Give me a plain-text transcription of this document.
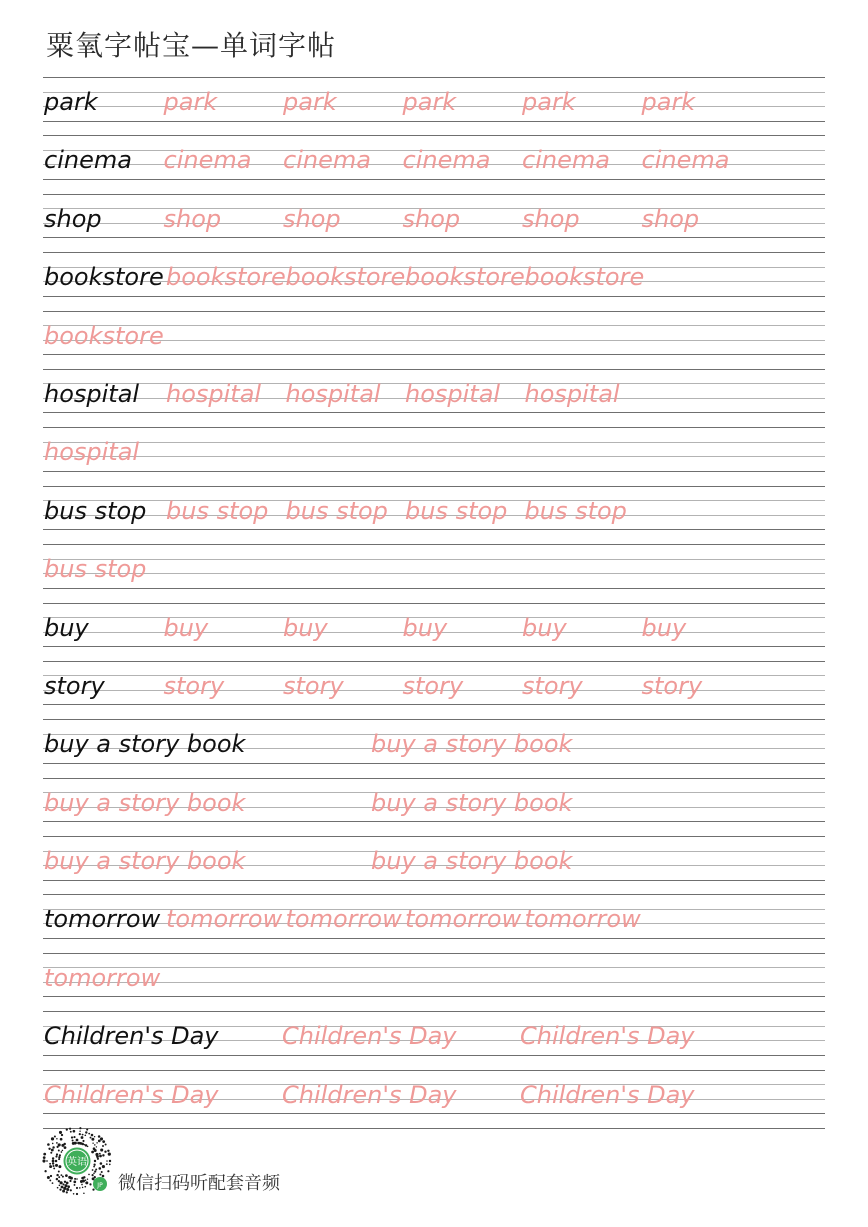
粟氧字帖宝—单词字帖
park	park	park	park	park	park
cinema cinema cinema cinema cinema cinema
shop	shop	shop	shop	shop	shop
bookstore bookstore bookstore bookstore bookstore
bookstore
hospital hospital hospital hospital hospital
hospital
bus stop bus stop bus stop bus stop bus stop
bus stop
buy	buy	buy	buy	buy	buy
story story story story story story
buy a story book	buy a story book
buy a story book	buy a story book
buy a story book	buy a story book
tomorrow tomorrow tomorrow tomorrow tomorrow
tomorrow
Children's Day	Children's Day	Children's Day
Children's Day	Children's Day	Children's Day
英语
JP 微信扫码听配套音频
